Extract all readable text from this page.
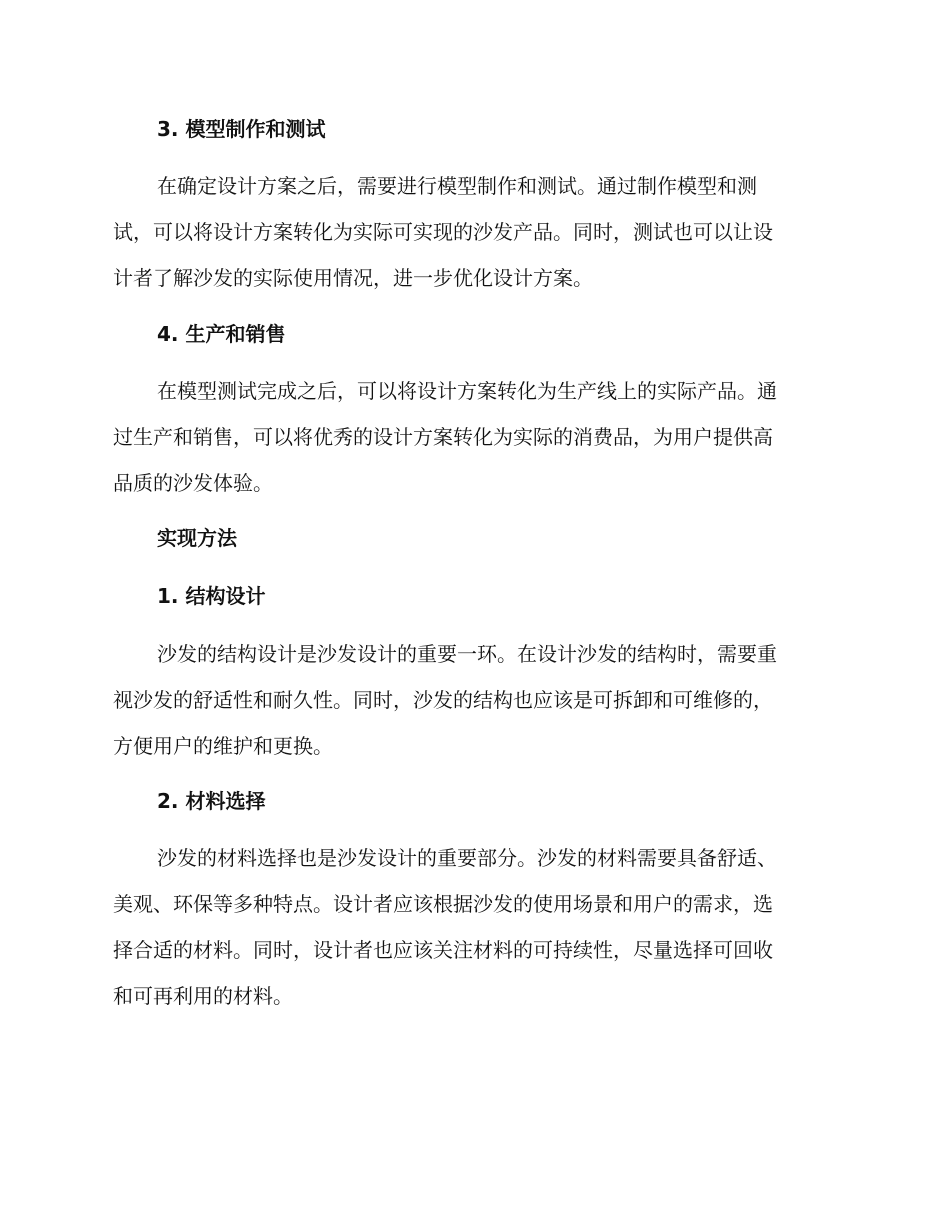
3. 模型制作和测试
在确定设计方案之后，需要进行模型制作和测试。通过制作模型和测
试，可以将设计方案转化为实际可实现的沙发产品。同时，测试也可以让设
计者了解沙发的实际使用情况，进一步优化设计方案。
4. 生产和销售
在模型测试完成之后，可以将设计方案转化为生产线上的实际产品。通
过生产和销售，可以将优秀的设计方案转化为实际的消费品，为用户提供高
品质的沙发体验。
实现方法
1. 结构设计
沙发的结构设计是沙发设计的重要一环。在设计沙发的结构时，需要重
视沙发的舒适性和耐久性。同时，沙发的结构也应该是可拆卸和可维修的，
方便用户的维护和更换。
2. 材料选择
沙发的材料选择也是沙发设计的重要部分。沙发的材料需要具备舒适、
美观、环保等多种特点。设计者应该根据沙发的使用场景和用户的需求，选
择合适的材料。同时，设计者也应该关注材料的可持续性，尽量选择可回收
和可再利用的材料。
